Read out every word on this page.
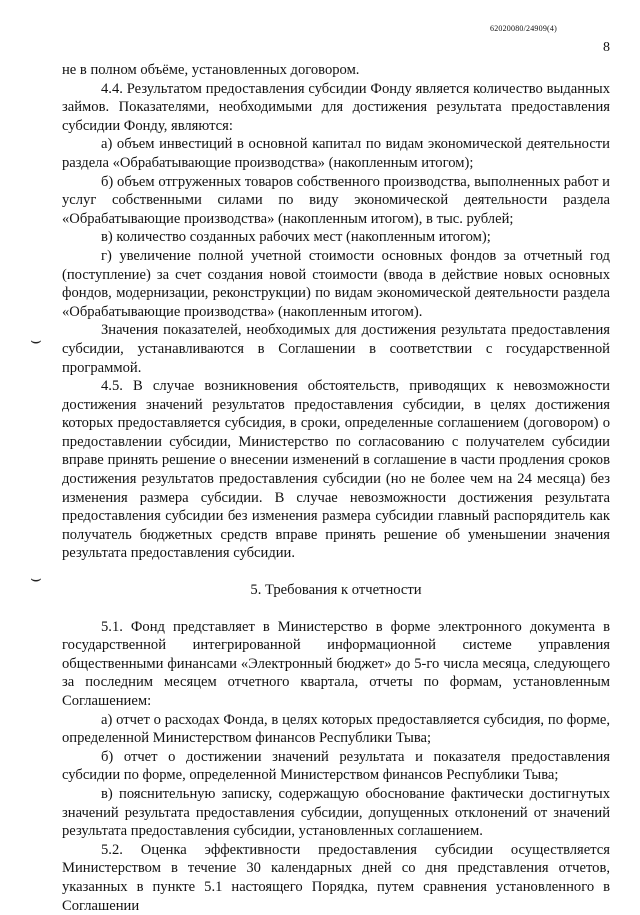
62020080/24909(4)
8
⌣
⌣

не в полном объёме, установленных договором.

4.4. Результатом предоставления субсидии Фонду является количество выданных займов. Показателями, необходимыми для достижения результата предоставления субсидии Фонду, являются:

а) объем инвестиций в основной капитал по видам экономической деятельности раздела «Обрабатывающие производства» (накопленным итогом);

б) объем отгруженных товаров собственного производства, выполненных работ и услуг собственными силами по виду экономической деятельности раздела «Обрабатывающие производства» (накопленным итогом), в тыс. рублей;

в) количество созданных рабочих мест (накопленным итогом);

г) увеличение полной учетной стоимости основных фондов за отчетный год (поступление) за счет создания новой стоимости (ввода в действие новых основных фондов, модернизации, реконструкции) по видам экономической деятельности раздела «Обрабатывающие производства» (накопленным итогом).

Значения показателей, необходимых для достижения результата предоставления субсидии, устанавливаются в Соглашении в соответствии с государственной программой.

4.5. В случае возникновения обстоятельств, приводящих к невозможности достижения значений результатов предоставления субсидии, в целях достижения которых предоставляется субсидия, в сроки, определенные соглашением (договором) о предоставлении субсидии, Министерство по согласованию с получателем субсидии вправе принять решение о внесении изменений в соглашение в части продления сроков достижения результатов предоставления субсидии (но не более чем на 24 месяца) без изменения размера субсидии. В случае невозможности достижения результата предоставления субсидии без изменения размера субсидии главный распорядитель как получатель бюджетных средств вправе принять решение об уменьшении значения результата предоставления субсидии.

5. Требования к отчетности

5.1. Фонд представляет в Министерство в форме электронного документа в государственной интегрированной информационной системе управления общественными финансами «Электронный бюджет» до 5-го числа месяца, следующего за последним месяцем отчетного квартала, отчеты по формам, установленным Соглашением:

а) отчет о расходах Фонда, в целях которых предоставляется субсидия, по форме, определенной Министерством финансов Республики Тыва;

б) отчет о достижении значений результата и показателя предоставления субсидии по форме, определенной Министерством финансов Республики Тыва;

в) пояснительную записку, содержащую обоснование фактически достигнутых значений результата предоставления субсидии, допущенных отклонений от значений результата предоставления субсидии, установленных соглашением.

5.2. Оценка эффективности предоставления субсидии осуществляется Министерством в течение 30 календарных дней со дня представления отчетов, указанных в пункте 5.1 настоящего Порядка, путем сравнения установленного в Соглашении
